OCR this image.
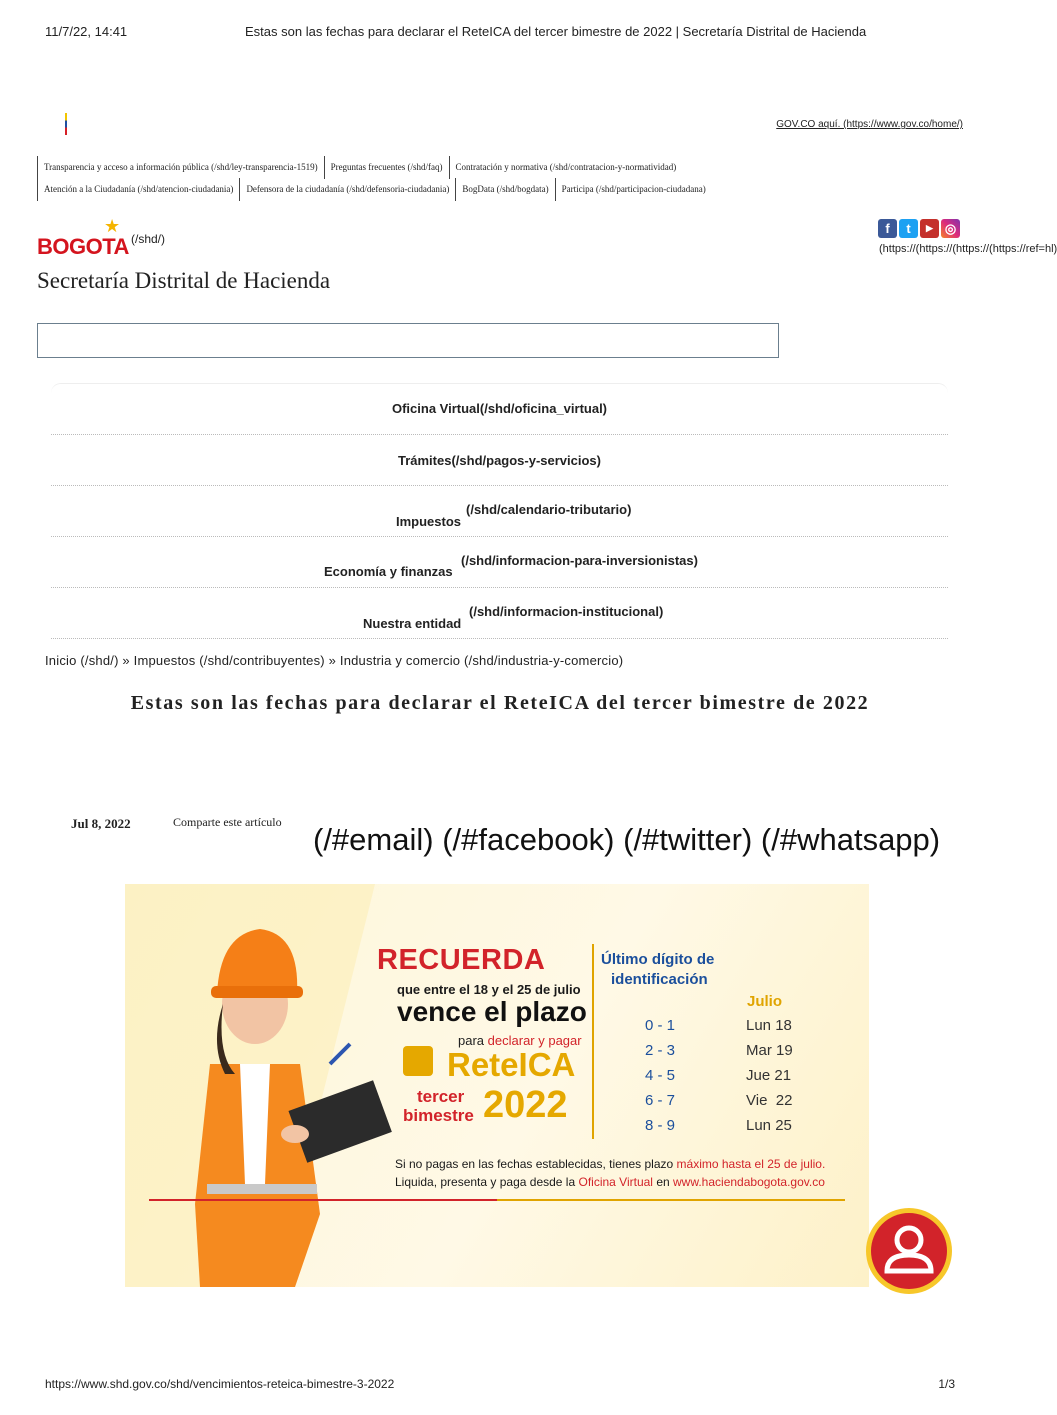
11/7/22, 14:41	Estas son las fechas para declarar el ReteICA del tercer bimestre de 2022 | Secretaría Distrital de Hacienda
GOV.CO aquí. (https://www.gov.co/home/)
Transparencia y acceso a información pública (/shd/ley-transparencia-1519)	Preguntas frecuentes (/shd/faq)	Contratación y normativa (/shd/contratacion-y-normatividad)
Atención a la Ciudadanía (/shd/atencion-ciudadania)	Defensora de la ciudadanía (/shd/defensoria-ciudadania)	BogData (/shd/bogdata)	Participa (/shd/participacion-ciudadana)
BOGOTA
★
(/shd/)
Secretaría Distrital de Hacienda
f	t	▶ ◎
(https://(https://(https://(https://ref=hl)
Oficina Virtual(/shd/oficina_virtual)
Trámites(/shd/pagos-y-servicios)
Impuestos
(/shd/calendario-tributario)
Economía y finanzas
(/shd/informacion-para-inversionistas)
Nuestra entidad
(/shd/informacion-institucional)
Inicio (/shd/) » Impuestos (/shd/contribuyentes) » Industria y comercio (/shd/industria-y-comercio)
Estas son las fechas para declarar el ReteICA del tercer bimestre de 2022
Jul 8, 2022	Comparte este artículo (/#email) (/#facebook) (/#twitter) (/#whatsapp)
RECUERDA
que entre el 18 y el 25 de julio
vence el plazo
para declarar y pagar
ReteICA
tercer
bimestre 2022
Último dígito de
identificación
Julio
0 - 1	Lun 18
2 - 3	Mar 19
4 - 5	Jue 21
6 - 7	Vie  22
8 - 9	Lun 25
Si no pagas en las fechas establecidas, tienes plazo máximo hasta el 25 de julio.
Liquida, presenta y paga desde la Oficina Virtual en www.haciendabogota.gov.co
https://www.shd.gov.co/shd/vencimientos-reteica-bimestre-3-2022	1/3
